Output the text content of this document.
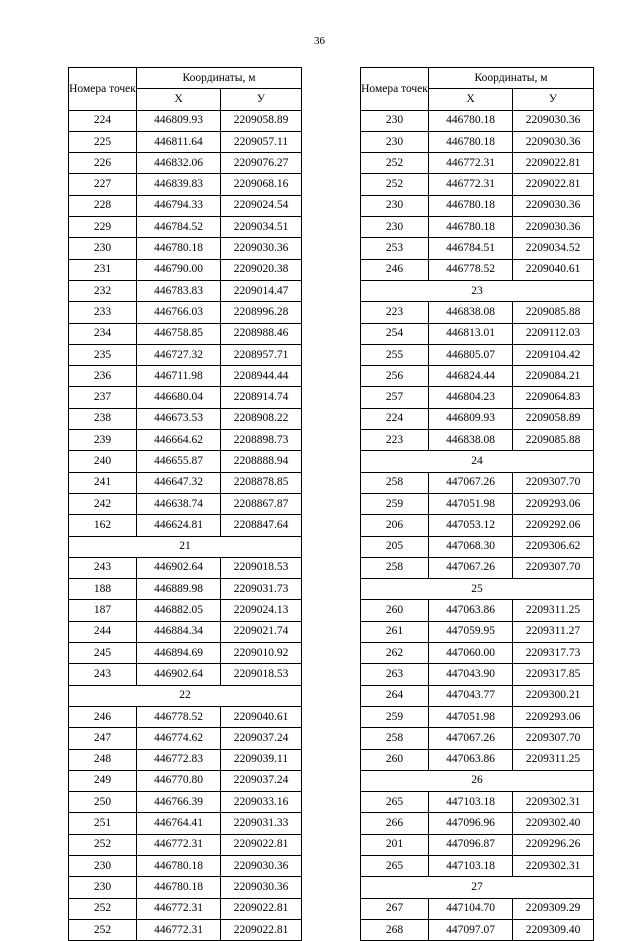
36
Номера точек	Координаты, м	
	X	У
224	446809.93	2209058.89
225	446811.64	2209057.11
226	446832.06	2209076.27
227	446839.83	2209068.16
228	446794.33	2209024.54
229	446784.52	2209034.51
230	446780.18	2209030.36
231	446790.00	2209020.38
232	446783.83	2209014.47
233	446766.03	2208996.28
234	446758.85	2208988.46
235	446727.32	2208957.71
236	446711.98	2208944.44
237	446680.04	2208914.74
238	446673.53	2208908.22
239	446664.62	2208898.73
240	446655.87	2208888.94
241	446647.32	2208878.85
242	446638.74	2208867.87
162	446624.81	2208847.64
21		
243	446902.64	2209018.53
188	446889.98	2209031.73
187	446882.05	2209024.13
244	446884.34	2209021.74
245	446894.69	2209010.92
243	446902.64	2209018.53
22		
246	446778.52	2209040.61
247	446774.62	2209037.24
248	446772.83	2209039.11
249	446770.80	2209037.24
250	446766.39	2209033.16
251	446764.41	2209031.33
252	446772.31	2209022.81
230	446780.18	2209030.36
230	446780.18	2209030.36
252	446772.31	2209022.81
252	446772.31	2209022.81
Номера точек	Координаты, м	
	X	У
230	446780.18	2209030.36
230	446780.18	2209030.36
252	446772.31	2209022.81
252	446772.31	2209022.81
230	446780.18	2209030.36
230	446780.18	2209030.36
253	446784.51	2209034.52
246	446778.52	2209040.61
23		
223	446838.08	2209085.88
254	446813.01	2209112.03
255	446805.07	2209104.42
256	446824.44	2209084.21
257	446804.23	2209064.83
224	446809.93	2209058.89
223	446838.08	2209085.88
24		
258	447067.26	2209307.70
259	447051.98	2209293.06
206	447053.12	2209292.06
205	447068.30	2209306.62
258	447067.26	2209307.70
25		
260	447063.86	2209311.25
261	447059.95	2209311.27
262	447060.00	2209317.73
263	447043.90	2209317.85
264	447043.77	2209300.21
259	447051.98	2209293.06
258	447067.26	2209307.70
260	447063.86	2209311.25
26		
265	447103.18	2209302.31
266	447096.96	2209302.40
201	447096.87	2209296.26
265	447103.18	2209302.31
27		
267	447104.70	2209309.29
268	447097.07	2209309.40
